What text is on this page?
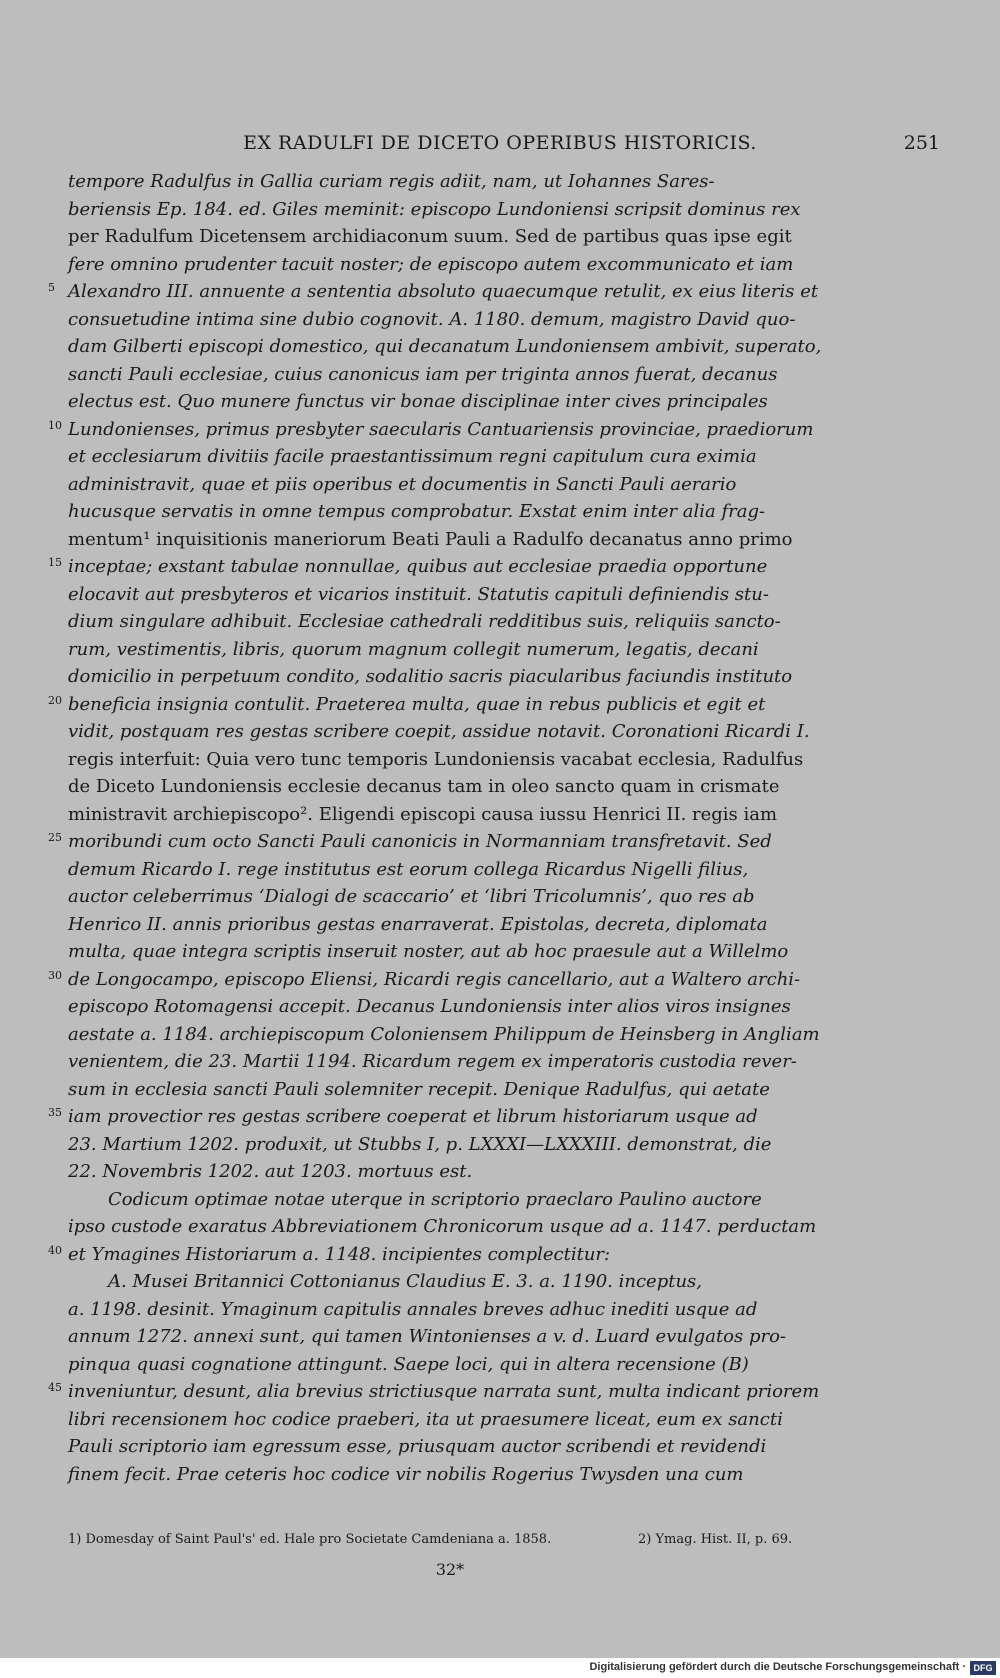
EX RADULFI DE DICETO OPERIBUS HISTORICIS.	251
tempore Radulfus in Gallia curiam regis adiit, nam, ut Iohannes Sares-
beriensis Ep. 184. ed. Giles meminit: episcopo Lundoniensi scripsit dominus rex
per Radulfum Dicetensem archidiaconum suum. Sed de partibus quas ipse egit
fere omnino prudenter tacuit noster; de episcopo autem excommunicato et iam
5 Alexandro III. annuente a sententia absoluto quaecumque retulit, ex eius literis et
consuetudine intima sine dubio cognovit. A. 1180. demum, magistro David quo-
dam Gilberti episcopi domestico, qui decanatum Lundoniensem ambivit, superato,
sancti Pauli ecclesiae, cuius canonicus iam per triginta annos fuerat, decanus
electus est. Quo munere functus vir bonae disciplinae inter cives principales
10 Lundonienses, primus presbyter saecularis Cantuariensis provinciae, praediorum
et ecclesiarum divitiis facile praestantissimum regni capitulum cura eximia
administravit, quae et piis operibus et documentis in Sancti Pauli aerario
hucusque servatis in omne tempus comprobatur. Exstat enim inter alia frag-
mentum¹ inquisitionis maneriorum Beati Pauli a Radulfo decanatus anno primo
15 inceptae; exstant tabulae nonnullae, quibus aut ecclesiae praedia opportune
elocavit aut presbyteros et vicarios instituit. Statutis capituli definiendis stu-
dium singulare adhibuit. Ecclesiae cathedrali redditibus suis, reliquiis sancto-
rum, vestimentis, libris, quorum magnum collegit numerum, legatis, decani
domicilio in perpetuum condito, sodalitio sacris piacularibus faciundis instituto
20 beneficia insignia contulit. Praeterea multa, quae in rebus publicis et egit et
vidit, postquam res gestas scribere coepit, assidue notavit. Coronationi Ricardi I.
regis interfuit: Quia vero tunc temporis Lundoniensis vacabat ecclesia, Radulfus
de Diceto Lundoniensis ecclesie decanus tam in oleo sancto quam in crismate
ministravit archiepiscopo². Eligendi episcopi causa iussu Henrici II. regis iam
25 moribundi cum octo Sancti Pauli canonicis in Normanniam transfretavit. Sed
demum Ricardo I. rege institutus est eorum collega Ricardus Nigelli filius,
auctor celeberrimus ‘Dialogi de scaccario’ et ‘libri Tricolumnis’, quo res ab
Henrico II. annis prioribus gestas enarraverat. Epistolas, decreta, diplomata
multa, quae integra scriptis inseruit noster, aut ab hoc praesule aut a Willelmo
30 de Longocampo, episcopo Eliensi, Ricardi regis cancellario, aut a Waltero archi-
episcopo Rotomagensi accepit. Decanus Lundoniensis inter alios viros insignes
aestate a. 1184. archiepiscopum Coloniensem Philippum de Heinsberg in Angliam
venientem, die 23. Martii 1194. Ricardum regem ex imperatoris custodia rever-
sum in ecclesia sancti Pauli solemniter recepit. Denique Radulfus, qui aetate
35 iam provectior res gestas scribere coeperat et librum historiarum usque ad
23. Martium 1202. produxit, ut Stubbs I, p. LXXXI—LXXXIII. demonstrat, die
22. Novembris 1202. aut 1203. mortuus est.
Codicum optimae notae uterque in scriptorio praeclaro Paulino auctore
ipso custode exaratus Abbreviationem Chronicorum usque ad a. 1147. perductam
40 et Ymagines Historiarum a. 1148. incipientes complectitur:
A. Musei Britannici Cottonianus Claudius E. 3. a. 1190. inceptus,
a. 1198. desinit. Ymaginum capitulis annales breves adhuc inediti usque ad
annum 1272. annexi sunt, qui tamen Wintonienses a v. d. Luard evulgatos pro-
pinqua quasi cognatione attingunt. Saepe loci, qui in altera recensione (B)
45 inveniuntur, desunt, alia brevius strictiusque narrata sunt, multa indicant priorem
libri recensionem hoc codice praeberi, ita ut praesumere liceat, eum ex sancti
Pauli scriptorio iam egressum esse, priusquam auctor scribendi et revidendi
finem fecit. Prae ceteris hoc codice vir nobilis Rogerius Twysden una cum
1) Domesday of Saint Paul's' ed. Hale pro Societate Camdeniana a. 1858.	2) Ymag. Hist. II, p. 69.
32*
Digitalisierung gefördert durch die Deutsche Forschungsgemeinschaft · DFG
